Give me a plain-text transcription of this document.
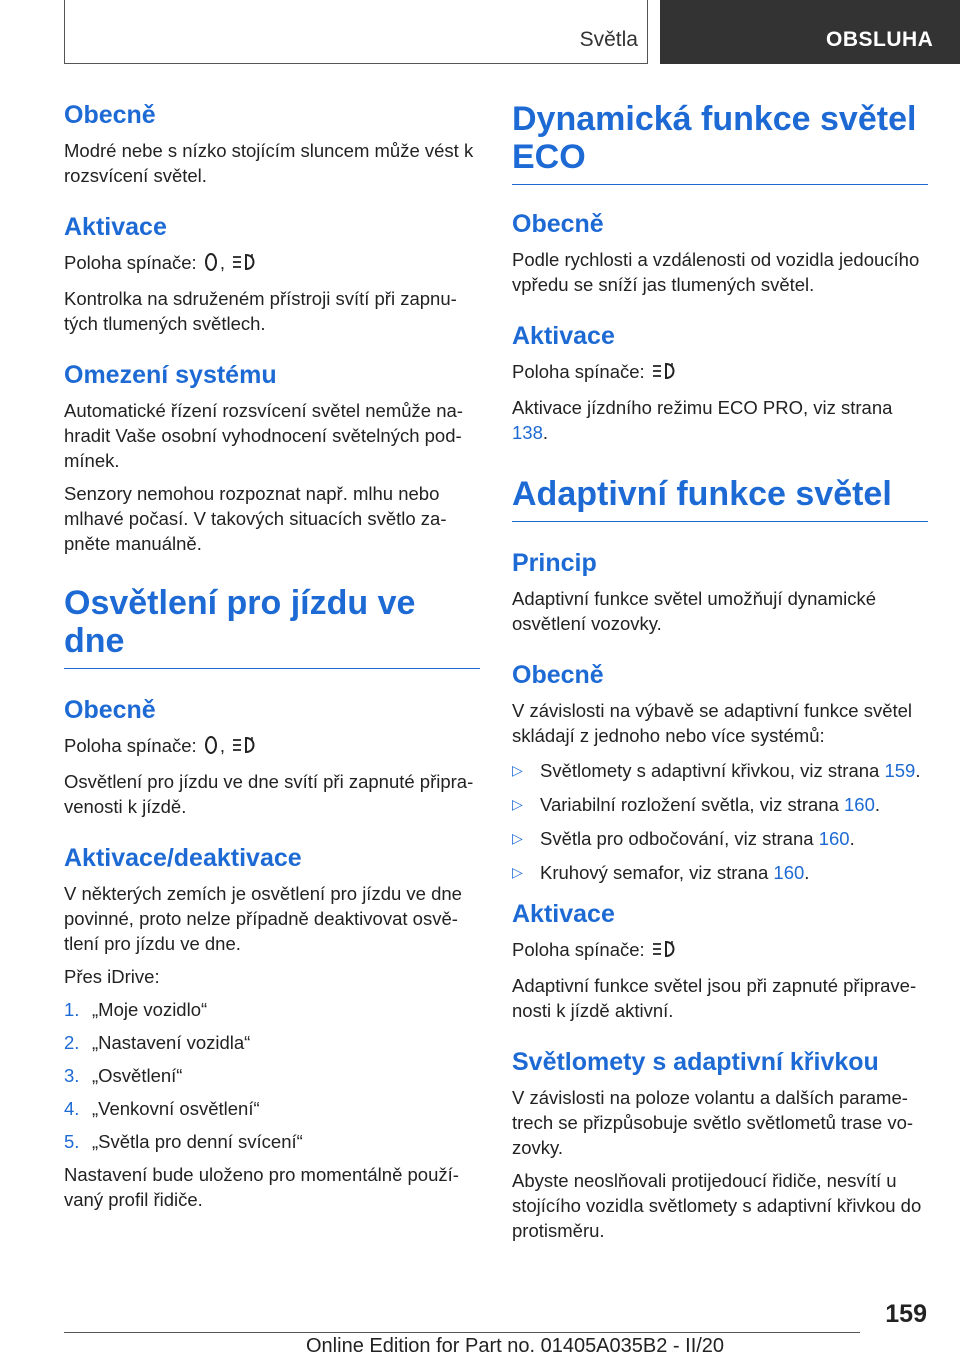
Světla	OBSLUHA
Obecně

Modré nebe s nízko stojícím sluncem může vést k rozsvícení světel.

Aktivace

Poloha spínače: ,

Kontrolka na sdruženém přístroji svítí při zapnu‐tých tlumených světlech.

Omezení systému

Automatické řízení rozsvícení světel nemůže na‐hradit Vaše osobní vyhodnocení světelných pod‐mínek.

Senzory nemohou rozpoznat např. mlhu nebo mlhavé počasí. V takových situacích světlo za‐pněte manuálně.

Osvětlení pro jízdu ve dne
Obecně

Poloha spínače: ,

Osvětlení pro jízdu ve dne svítí při zapnuté připra‐venosti k jízdě.

Aktivace/deaktivace

V některých zemích je osvětlení pro jízdu ve dne povinné, proto nelze případně deaktivovat osvě‐tlení pro jízdu ve dne.

Přes iDrive:

1. „Moje vozidlo“
2. „Nastavení vozidla“
3. „Osvětlení“
4. „Venkovní osvětlení“
5. „Světla pro denní svícení“

Nastavení bude uloženo pro momentálně použí‐vaný profil řidiče.

Dynamická funkce světel ECO
Obecně

Podle rychlosti a vzdálenosti od vozidla jedoucího vpředu se sníží jas tlumených světel.

Aktivace

Poloha spínače:

Aktivace jízdního režimu ECO PRO, viz strana 138.

Adaptivní funkce světel
Princip

Adaptivní funkce světel umožňují dynamické osvětlení vozovky.

Obecně

V závislosti na výbavě se adaptivní funkce světel skládají z jednoho nebo více systémů:

▷ Světlomety s adaptivní křivkou, viz strana 159.
▷ Variabilní rozložení světla, viz strana 160.
▷ Světla pro odbočování, viz strana 160.
▷ Kruhový semafor, viz strana 160.
Aktivace

Poloha spínače:

Adaptivní funkce světel jsou při zapnuté připrave‐nosti k jízdě aktivní.

Světlomety s adaptivní křivkou

V závislosti na poloze volantu a dalších parame‐trech se přizpůsobuje světlo světlometů trase vo‐zovky.

Abyste neoslňovali protijedoucí řidiče, nesvítí u stojícího vozidla světlomety s adaptivní křivkou do protisměru.

159
Online Edition for Part no. 01405A035B2 - II/20
